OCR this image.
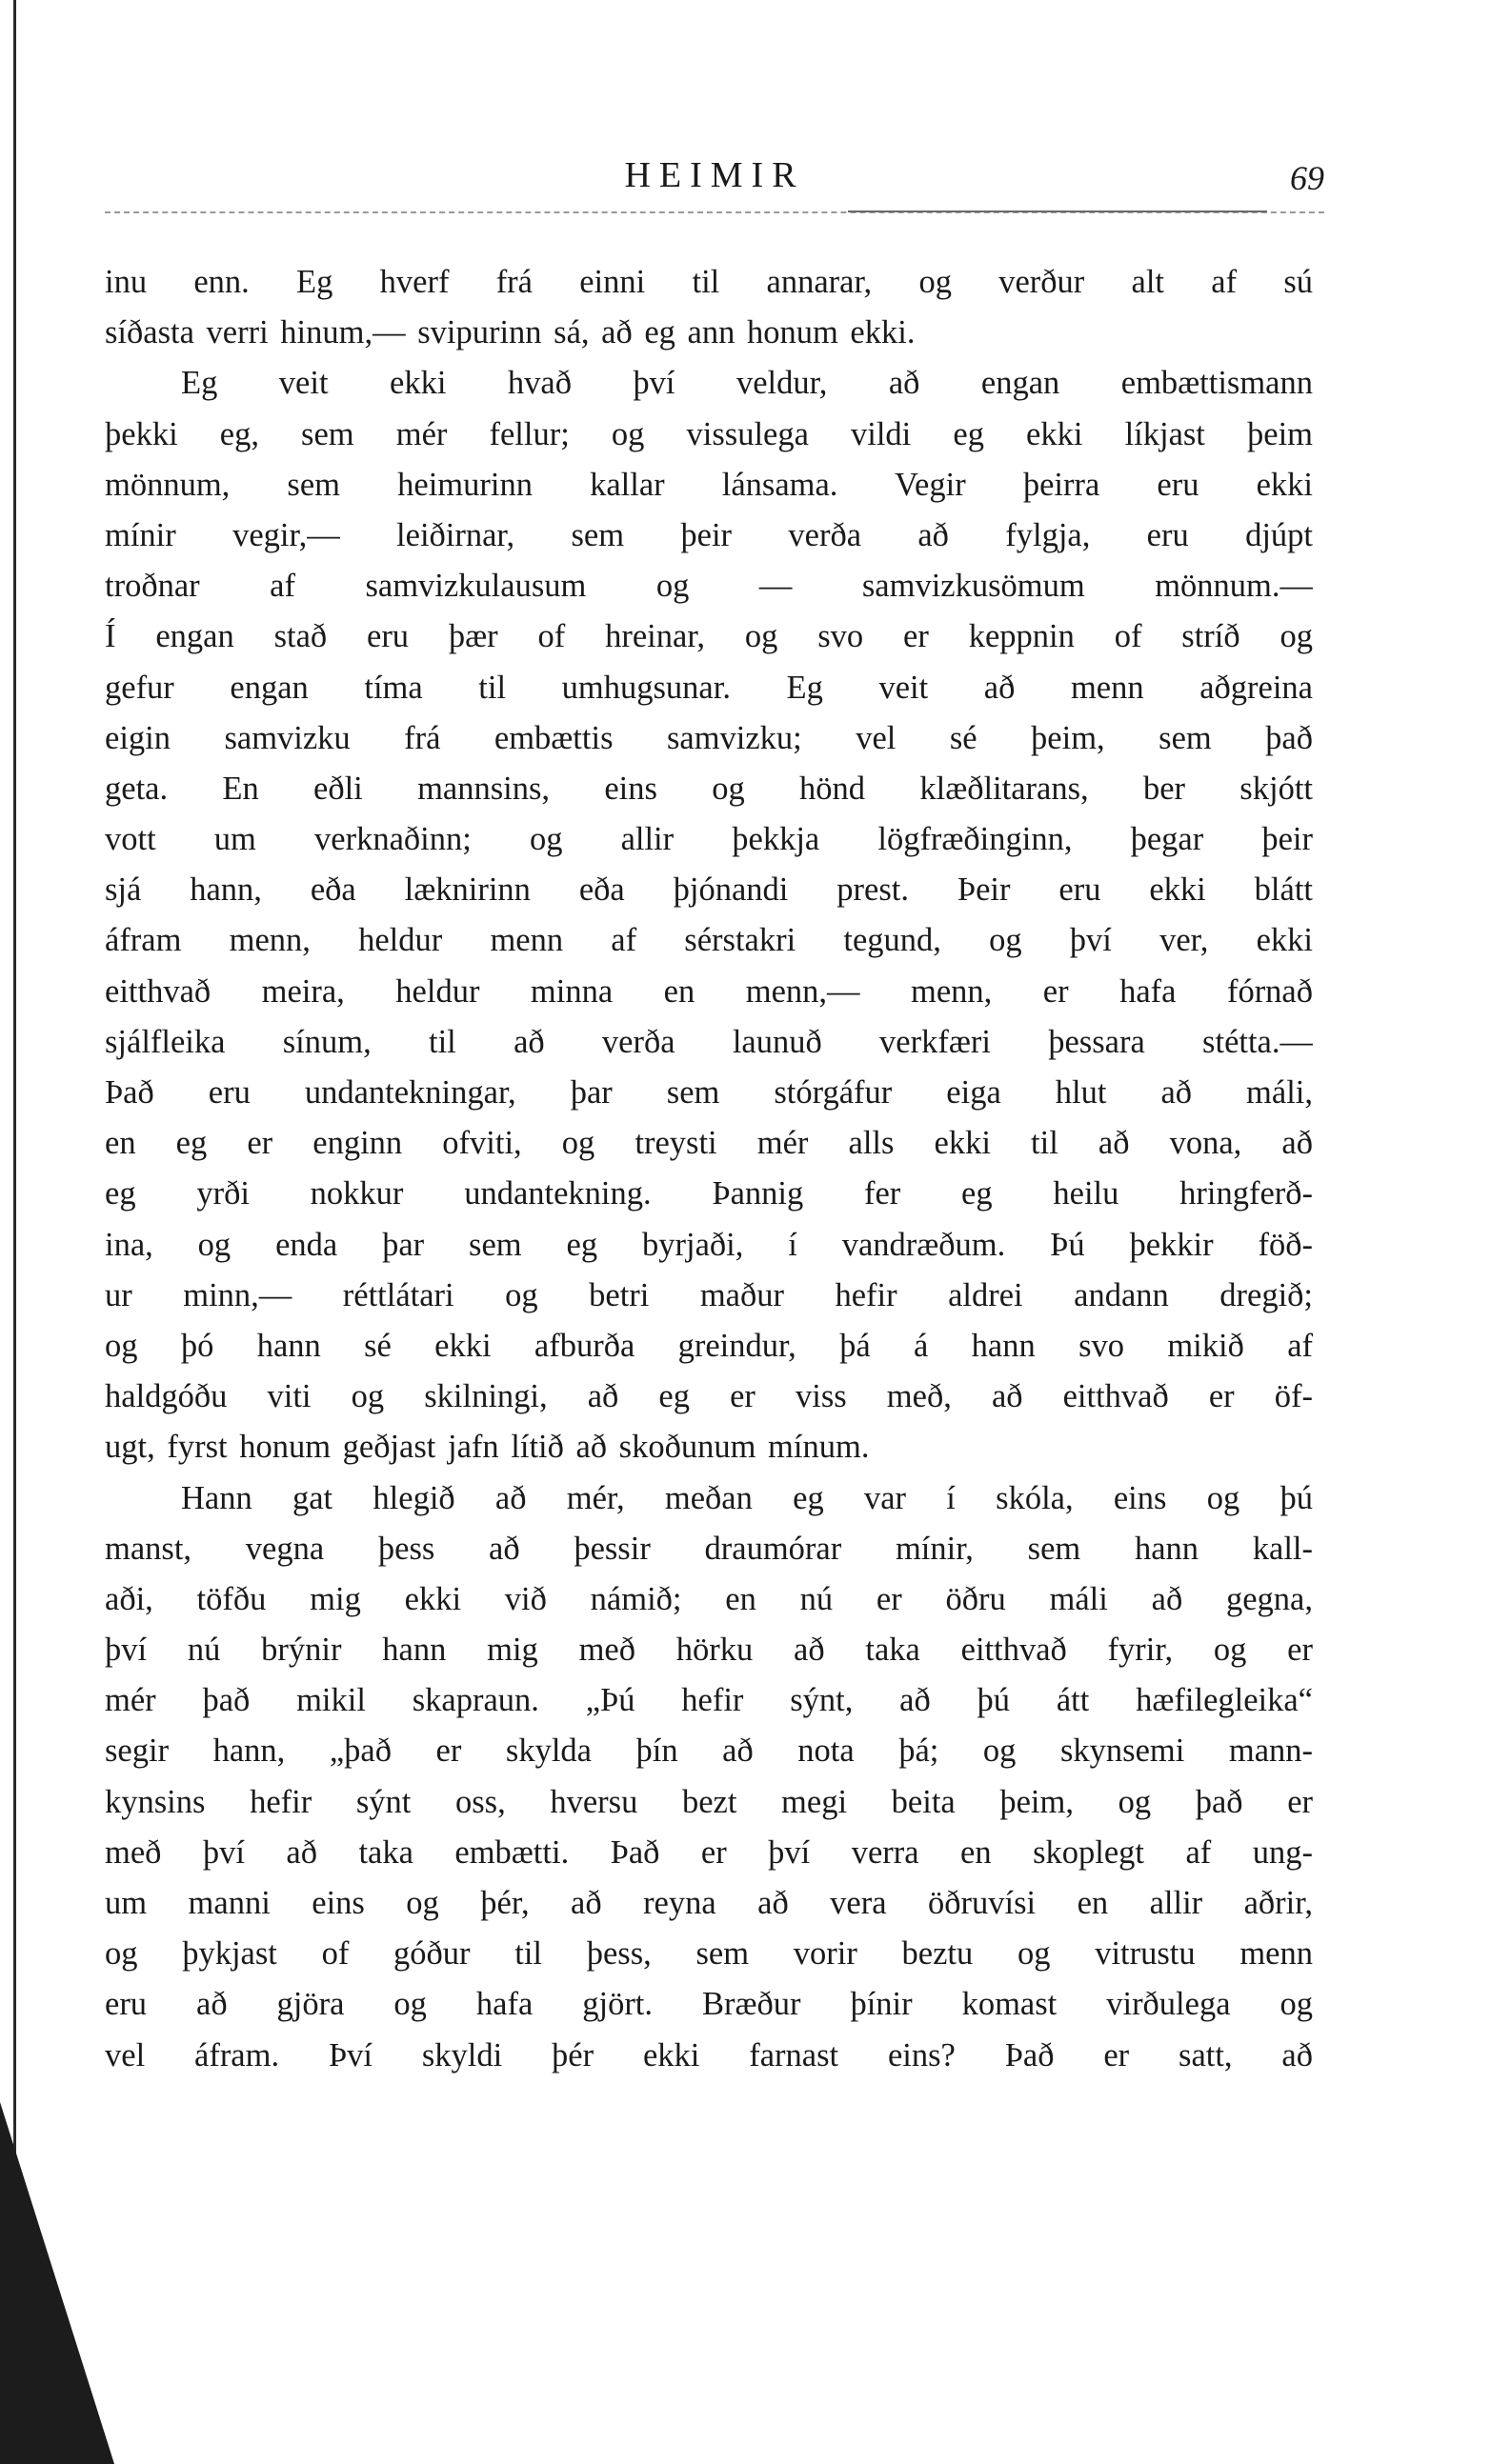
HEIMIR	69
inu enn. Eg hverf frá einni til annarar, og verður alt af sú
síðasta verri hinum,— svipurinn sá, að eg ann honum ekki.
Eg veit ekki hvað því veldur, að engan embættismann
þekki eg, sem mér fellur; og vissulega vildi eg ekki líkjast þeim
mönnum, sem heimurinn kallar lánsama. Vegir þeirra eru ekki
mínir vegir,— leiðirnar, sem þeir verða að fylgja, eru djúpt
troðnar af samvizkulausum og — samvizkusömum mönnum.—
Í engan stað eru þær of hreinar, og svo er keppnin of stríð og
gefur engan tíma til umhugsunar. Eg veit að menn aðgreina
eigin samvizku frá embættis samvizku; vel sé þeim, sem það
geta. En eðli mannsins, eins og hönd klæðlitarans, ber skjótt
vott um verknaðinn; og allir þekkja lögfræðinginn, þegar þeir
sjá hann, eða læknirinn eða þjónandi prest. Þeir eru ekki blátt
áfram menn, heldur menn af sérstakri tegund, og því ver, ekki
eitthvað meira, heldur minna en menn,— menn, er hafa fórnað
sjálfleika sínum, til að verða launuð verkfæri þessara stétta.—
Það eru undantekningar, þar sem stórgáfur eiga hlut að máli,
en eg er enginn ofviti, og treysti mér alls ekki til að vona, að
eg yrði nokkur undantekning. Þannig fer eg heilu hringferð-
ina, og enda þar sem eg byrjaði, í vandræðum. Þú þekkir föð-
ur minn,— réttlátari og betri maður hefir aldrei andann dregið;
og þó hann sé ekki afburða greindur, þá á hann svo mikið af
haldgóðu viti og skilningi, að eg er viss með, að eitthvað er öf-
ugt, fyrst honum geðjast jafn lítið að skoðunum mínum.
Hann gat hlegið að mér, meðan eg var í skóla, eins og þú
manst, vegna þess að þessir draumórar mínir, sem hann kall-
aði, töfðu mig ekki við námið; en nú er öðru máli að gegna,
því nú brýnir hann mig með hörku að taka eitthvað fyrir, og er
mér það mikil skapraun. „Þú hefir sýnt, að þú átt hæfilegleika“
segir hann, „það er skylda þín að nota þá; og skynsemi mann-
kynsins hefir sýnt oss, hversu bezt megi beita þeim, og það er
með því að taka embætti. Það er því verra en skoplegt af ung-
um manni eins og þér, að reyna að vera öðruvísi en allir aðrir,
og þykjast of góður til þess, sem vorir beztu og vitrustu menn
eru að gjöra og hafa gjört. Bræður þínir komast virðulega og
vel áfram. Því skyldi þér ekki farnast eins? Það er satt, að
